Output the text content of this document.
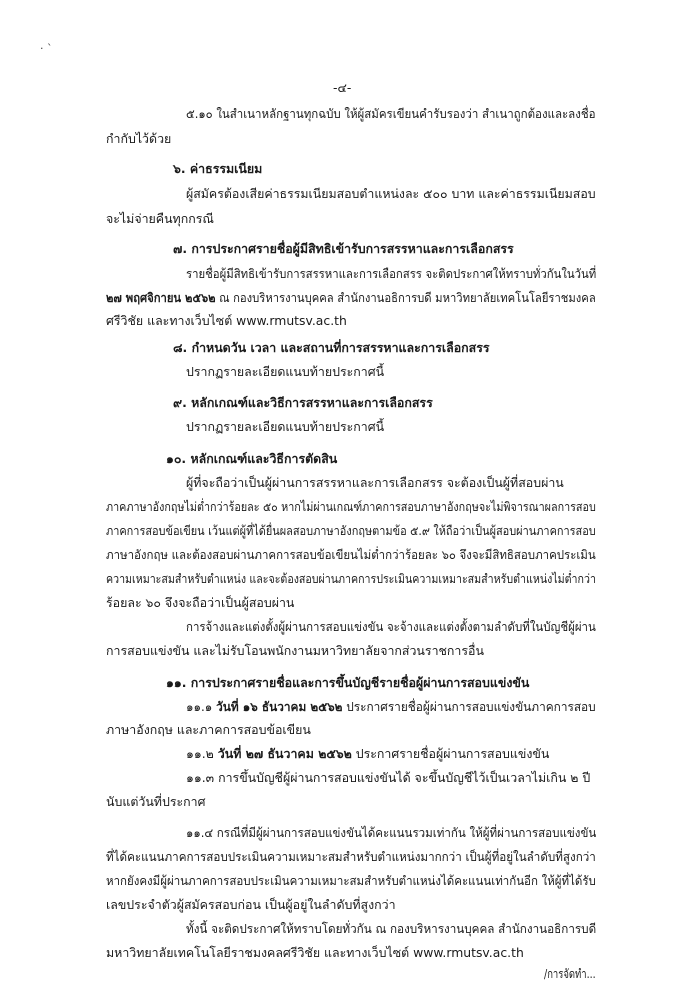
· ˋ
-๔-
๕.๑๐ ในสำเนาหลักฐานทุกฉบับ ให้ผู้สมัครเขียนคำรับรองว่า สำเนาถูกต้องและลงชื่อ
กำกับไว้ด้วย
๖. ค่าธรรมเนียม
ผู้สมัครต้องเสียค่าธรรมเนียมสอบตำแหน่งละ ๕๐๐ บาท และค่าธรรมเนียมสอบ
จะไม่จ่ายคืนทุกกรณี
๗. การประกาศรายชื่อผู้มีสิทธิเข้ารับการสรรหาและการเลือกสรร
รายชื่อผู้มีสิทธิเข้ารับการสรรหาและการเลือกสรร จะติดประกาศให้ทราบทั่วกันในวันที่
๒๗ พฤศจิกายน ๒๕๖๒ ณ กองบริหารงานบุคคล สำนักงานอธิการบดี มหาวิทยาลัยเทคโนโลยีราชมงคล
ศรีวิชัย และทางเว็บไซต์ www.rmutsv.ac.th
๘. กำหนดวัน เวลา และสถานที่การสรรหาและการเลือกสรร
ปรากฏรายละเอียดแนบท้ายประกาศนี้
๙. หลักเกณฑ์และวิธีการสรรหาและการเลือกสรร
ปรากฏรายละเอียดแนบท้ายประกาศนี้
๑๐. หลักเกณฑ์และวิธีการตัดสิน
ผู้ที่จะถือว่าเป็นผู้ผ่านการสรรหาและการเลือกสรร จะต้องเป็นผู้ที่สอบผ่าน
ภาคภาษาอังกฤษไม่ต่ำกว่าร้อยละ ๕๐ หากไม่ผ่านเกณฑ์ภาคการสอบภาษาอังกฤษจะไม่พิจารณาผลการสอบ
ภาคการสอบข้อเขียน เว้นแต่ผู้ที่ได้ยื่นผลสอบภาษาอังกฤษตามข้อ ๕.๙ ให้ถือว่าเป็นผู้สอบผ่านภาคการสอบ
ภาษาอังกฤษ และต้องสอบผ่านภาคการสอบข้อเขียนไม่ต่ำกว่าร้อยละ ๖๐ จึงจะมีสิทธิสอบภาคประเมิน
ความเหมาะสมสำหรับตำแหน่ง และจะต้องสอบผ่านภาคการประเมินความเหมาะสมสำหรับตำแหน่งไม่ต่ำกว่า
ร้อยละ ๖๐ จึงจะถือว่าเป็นผู้สอบผ่าน
การจ้างและแต่งตั้งผู้ผ่านการสอบแข่งขัน จะจ้างและแต่งตั้งตามลำดับที่ในบัญชีผู้ผ่าน
การสอบแข่งขัน และไม่รับโอนพนักงานมหาวิทยาลัยจากส่วนราชการอื่น
๑๑. การประกาศรายชื่อและการขึ้นบัญชีรายชื่อผู้ผ่านการสอบแข่งขัน
๑๑.๑ วันที่ ๑๖ ธันวาคม ๒๕๖๒ ประกาศรายชื่อผู้ผ่านการสอบแข่งขันภาคการสอบ
ภาษาอังกฤษ และภาคการสอบข้อเขียน
๑๑.๒ วันที่ ๒๗ ธันวาคม ๒๕๖๒ ประกาศรายชื่อผู้ผ่านการสอบแข่งขัน
๑๑.๓ การขึ้นบัญชีผู้ผ่านการสอบแข่งขันได้ จะขึ้นบัญชีไว้เป็นเวลาไม่เกิน ๒ ปี
นับแต่วันที่ประกาศ
๑๑.๔ กรณีที่มีผู้ผ่านการสอบแข่งขันได้คะแนนรวมเท่ากัน ให้ผู้ที่ผ่านการสอบแข่งขัน
ที่ได้คะแนนภาคการสอบประเมินความเหมาะสมสำหรับตำแหน่งมากกว่า เป็นผู้ที่อยู่ในลำดับที่สูงกว่า
หากยังคงมีผู้ผ่านภาคการสอบประเมินความเหมาะสมสำหรับตำแหน่งได้คะแนนเท่ากันอีก ให้ผู้ที่ได้รับ
เลขประจำตัวผู้สมัครสอบก่อน เป็นผู้อยู่ในลำดับที่สูงกว่า
ทั้งนี้ จะติดประกาศให้ทราบโดยทั่วกัน ณ กองบริหารงานบุคคล สำนักงานอธิการบดี
มหาวิทยาลัยเทคโนโลยีราชมงคลศรีวิชัย และทางเว็บไซต์ www.rmutsv.ac.th
/การจัดทำ...
